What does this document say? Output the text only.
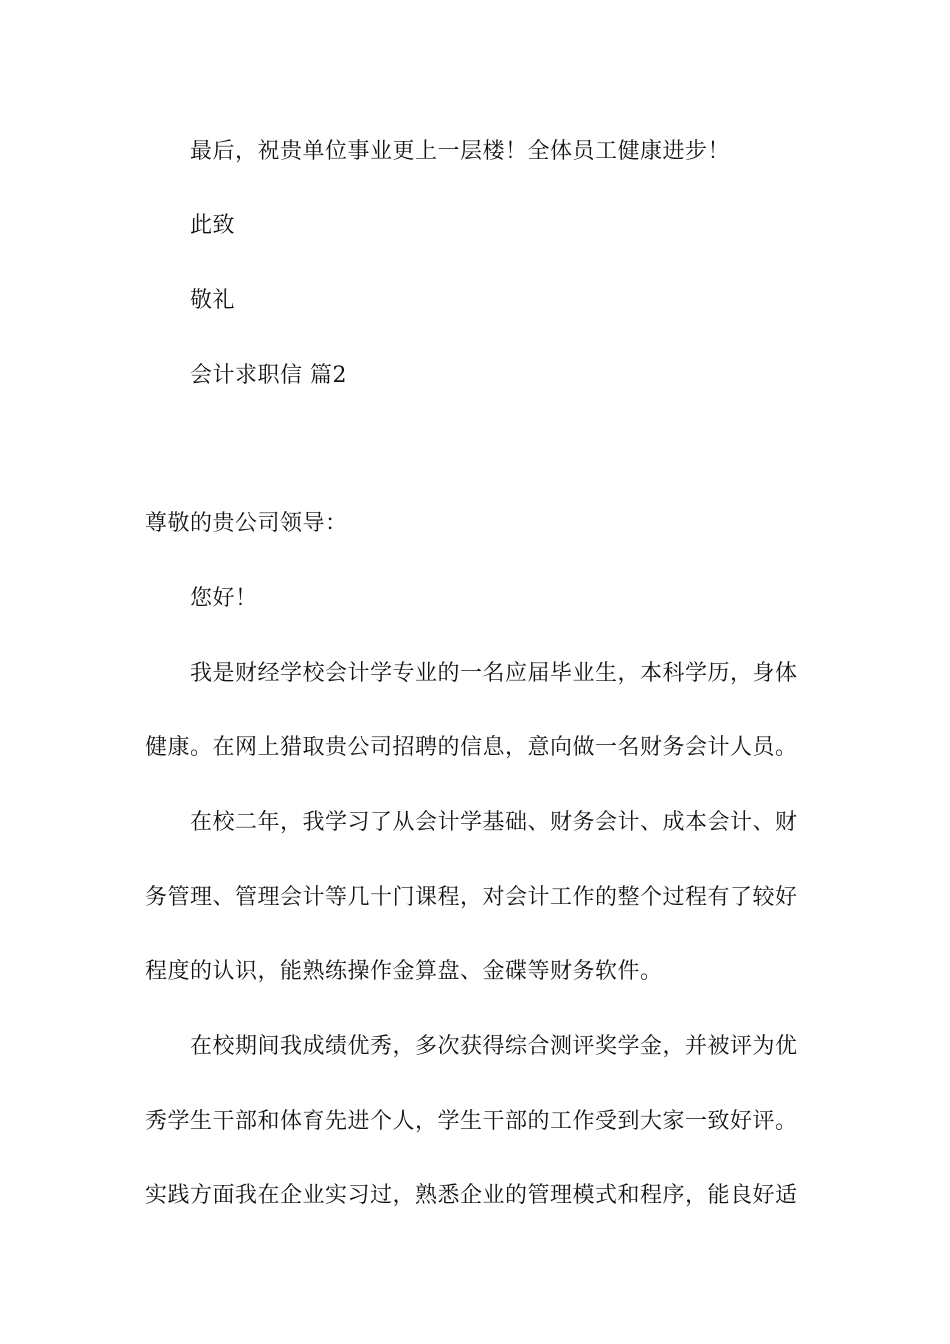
最后，祝贵单位事业更上一层楼！全体员工健康进步！
此致
敬礼
会计求职信 篇2
尊敬的贵公司领导：
您好！
我是财经学校会计学专业的一名应届毕业生，本科学历，身体
健康。在网上猎取贵公司招聘的信息，意向做一名财务会计人员。
在校二年，我学习了从会计学基础、财务会计、成本会计、财
务管理、管理会计等几十门课程，对会计工作的整个过程有了较好
程度的认识，能熟练操作金算盘、金碟等财务软件。
在校期间我成绩优秀，多次获得综合测评奖学金，并被评为优
秀学生干部和体育先进个人，学生干部的工作受到大家一致好评。
实践方面我在企业实习过，熟悉企业的管理模式和程序，能良好适
